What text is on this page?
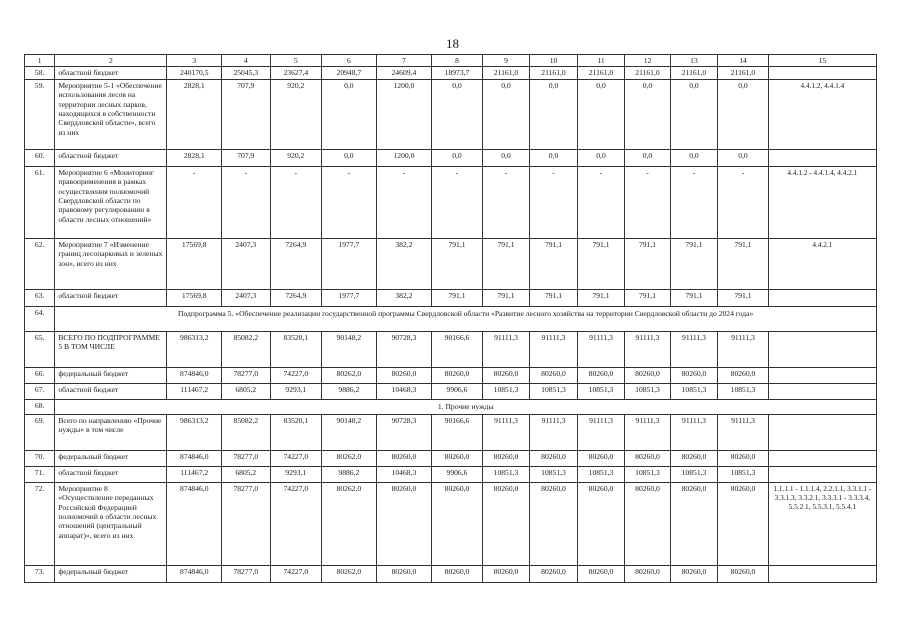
18
1	2	3	4	5	6	7	8	9	10	11	12	13	14	15
58.	областной бюджет	240170,5	25045,3	23627,4	20948,7	24609,4	18973,7	21161,0	21161,0	21161,0	21161,0	21161,0	21161,0	
59.	Мероприятие 5-1 «Обеспечение использования лесов на территории лесных парков, находящихся в собственности Свердловской области», всего из них	2828,1	707,9	920,2	0,0	1200,0	0,0	0,0	0,0	0,0	0,0	0,0	0,0	4.4.1.2, 4.4.1.4
60.	областной бюджет	2828,1	707,9	920,2	0,0	1200,0	0,0	0,0	0,0	0,0	0,0	0,0	0,0	
61.	Мероприятие 6 «Мониторинг правоприменения в рамках осуществления полномочий Свердловской области по правовому регулированию в области лесных отношений»	-	-	-	-	-	-	-	-	-	-	-	-	4.4.1.2 - 4.4.1.4, 4.4.2.1
62.	Мероприятие 7 «Изменение границ лесопарковых и зеленых зон», всего из них	17569,8	2407,3	7264,9	1977,7	382,2	791,1	791,1	791,1	791,1	791,1	791,1	791,1	4.4.2.1
63.	областной бюджет	17569,8	2407,3	7264,9	1977,7	382,2	791,1	791,1	791,1	791,1	791,1	791,1	791,1	
64.	Подпрограмма 5. «Обеспечение реализации государственной программы Свердловской области «Развитие лесного хозяйства на территории Свердловской области до 2024 года»													
65.	ВСЕГО ПО ПОДПРОГРАММЕ 5 В ТОМ ЧИСЛЕ	986313,2	85082,2	83520,1	90148,2	90728,3	90166,6	91111,3	91111,3	91111,3	91111,3	91111,3	91111,3	
66.	федеральный бюджет	874846,0	78277,0	74227,0	80262,0	80260,0	80260,0	80260,0	80260,0	80260,0	80260,0	80260,0	80260,0	
67.	областной бюджет	111467,2	6805,2	9293,1	9886,2	10468,3	9906,6	10851,3	10851,3	10851,3	10851,3	10851,3	10851,3	
68.	1. Прочие нужды													
69.	Всего по направлению «Прочие нужды» в том числе	986313,2	85082,2	83520,1	90148,2	90728,3	90166,6	91111,3	91111,3	91111,3	91111,3	91111,3	91111,3	
70.	федеральный бюджет	874846,0	78277,0	74227,0	80262,0	80260,0	80260,0	80260,0	80260,0	80260,0	80260,0	80260,0	80260,0	
71.	областной бюджет	111467,2	6805,2	9293,1	9886,2	10468,3	9906,6	10851,3	10851,3	10851,3	10851,3	10851,3	10851,3	
72.	Мероприятие 8 «Осуществление переданных Российской Федерацией полномочий в области лесных отношений (центральный аппарат)», всего из них	874846,0	78277,0	74227,0	80262,0	80260,0	80260,0	80260,0	80260,0	80260,0	80260,0	80260,0	80260,0	1.1.1.1 - 1.1.1.4, 2.2.1.1, 3.3.1.1 - 3.3.1.3, 3.3.2.1, 3.3.3.1 - 3.3.3.4, 5.5.2.1, 5.5.3.1, 5.5.4.1
73.	федеральный бюджет	874846,0	78277,0	74227,0	80262,0	80260,0	80260,0	80260,0	80260,0	80260,0	80260,0	80260,0	80260,0	
